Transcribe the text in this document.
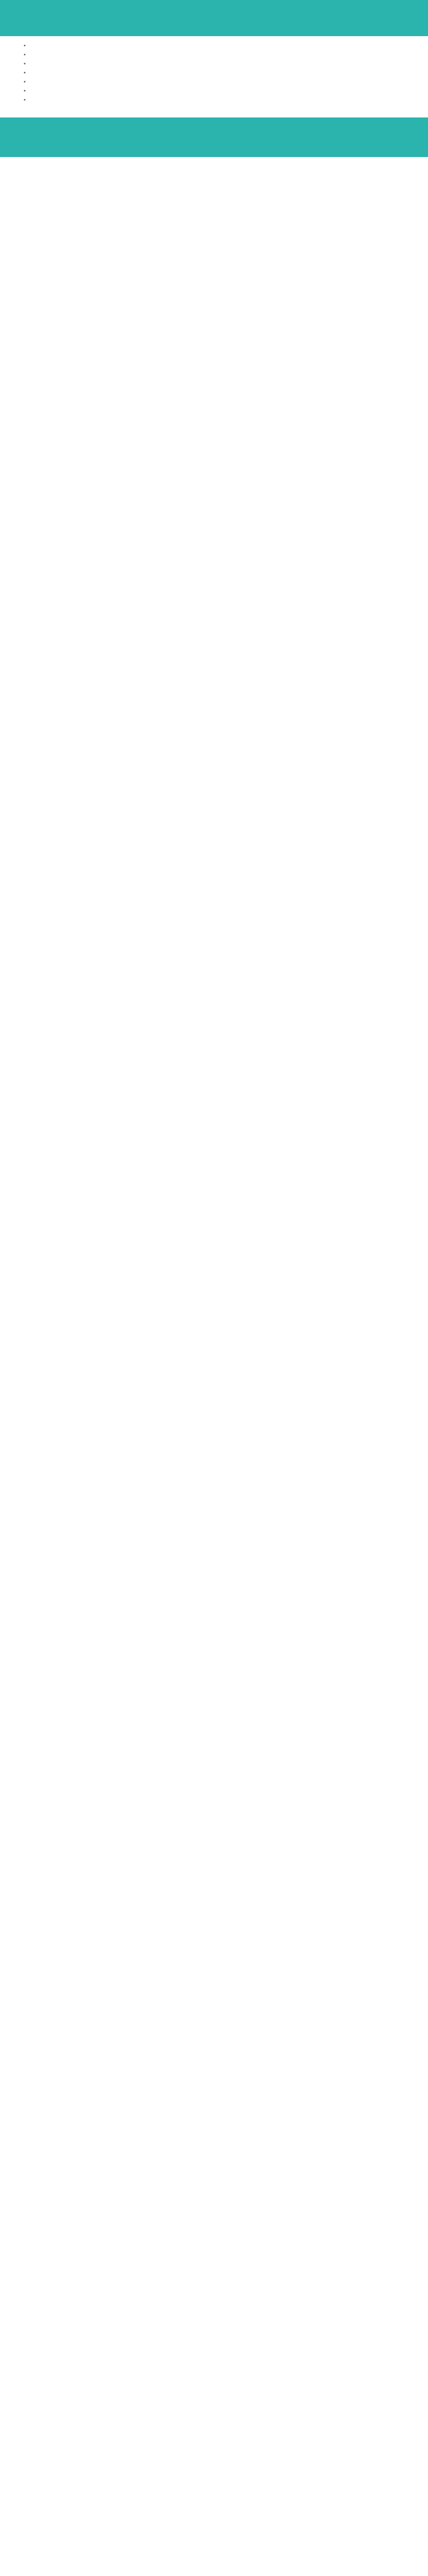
•
•
•
•
•
•
•
